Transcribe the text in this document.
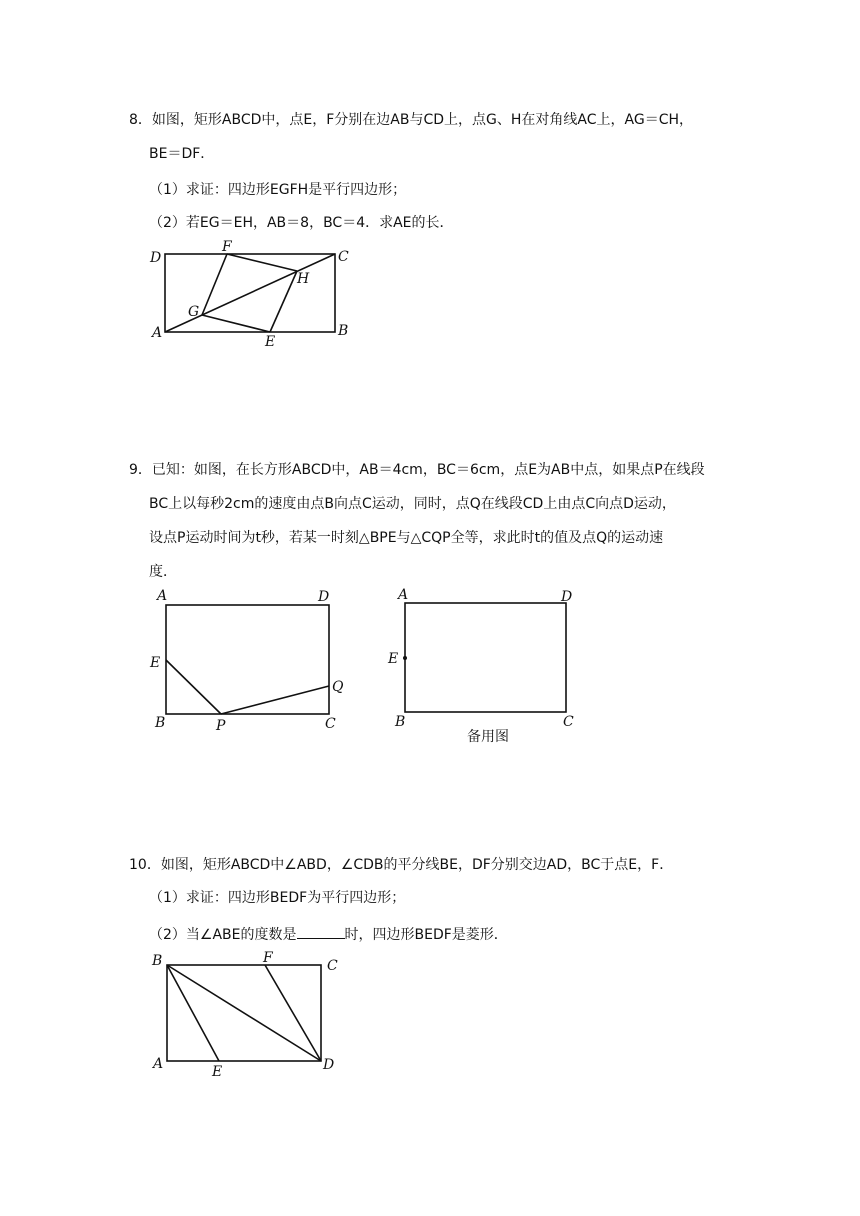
8．如图，矩形ABCD中，点E，F分别在边AB与CD上，点G、H在对角线AC上，AG＝CH，
BE＝DF．
（1）求证：四边形EGFH是平行四边形；
（2）若EG＝EH，AB＝8，BC＝4．求AE的长．
D	C
F
H
G
A	B
E
9．已知：如图，在长方形ABCD中，AB＝4cm，BC＝6cm，点E为AB中点，如果点P在线段
BC上以每秒2cm的速度由点B向点C运动，同时，点Q在线段CD上由点C向点D运动，
设点P运动时间为t秒，若某一时刻△BPE与△CQP全等，求此时t的值及点Q的运动速
度．
A	D
E
Q
B	P	C
A	D
E
B	C
备用图
10．如图，矩形ABCD中∠ABD，∠CDB的平分线BE，DF分别交边AD，BC于点E，F．
（1）求证：四边形BEDF为平行四边形；
（2）当∠ABE的度数是	时，四边形BEDF是菱形．
B	F	C
A	E	D
